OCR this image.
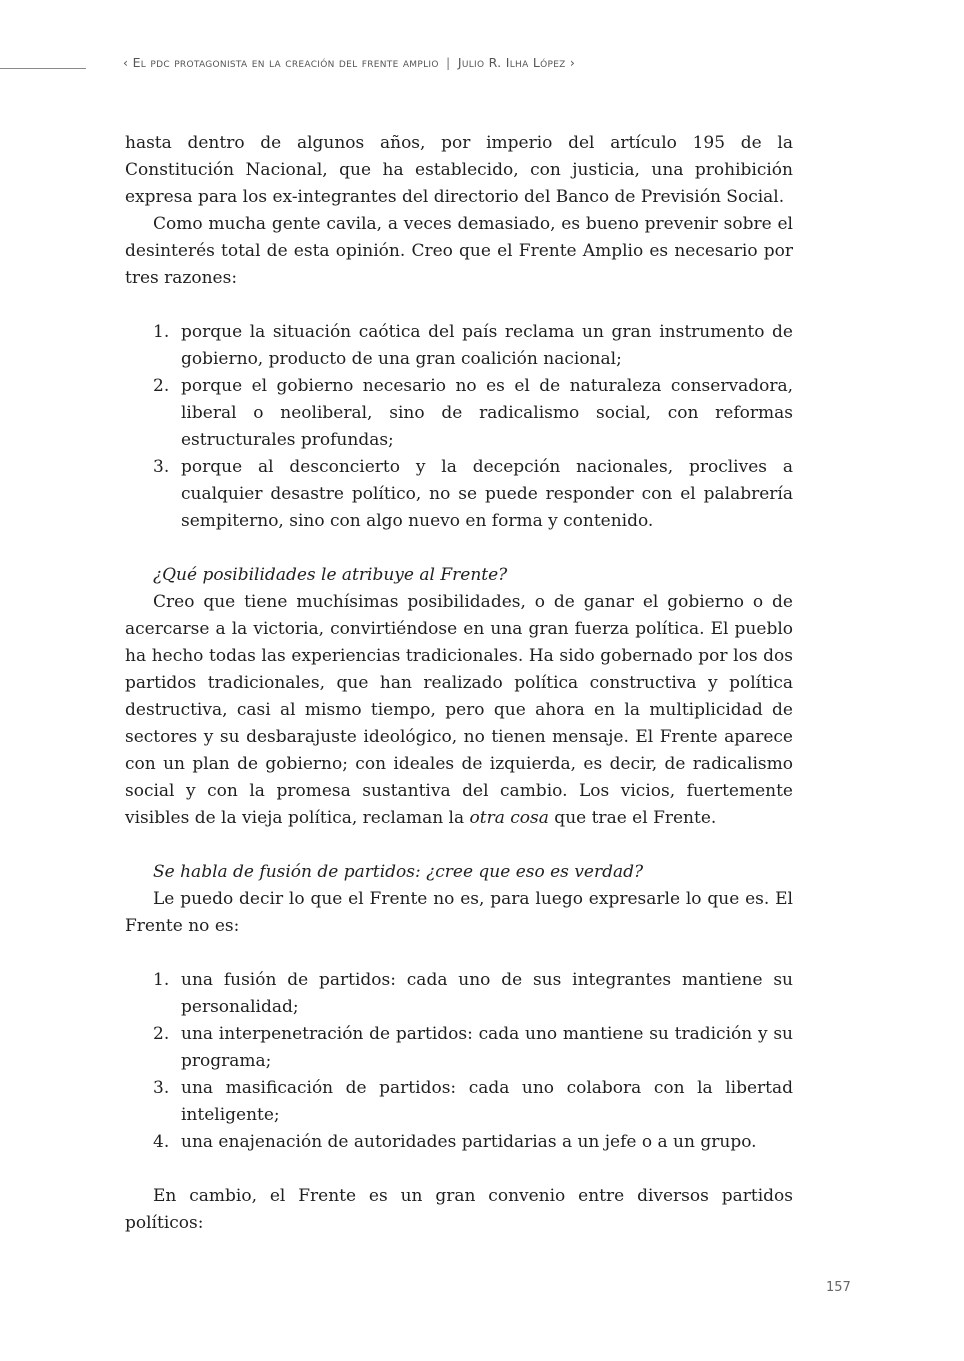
‹ El pdc protagonista en la creación del frente amplio | Julio R. Ilha López ›

hasta dentro de algunos años, por imperio del artículo 195 de la Constitución Nacional, que ha establecido, con justicia, una prohibición expresa para los ex-integrantes del directorio del Banco de Previsión Social.

Como mucha gente cavila, a veces demasiado, es bueno prevenir sobre el desinterés total de esta opinión. Creo que el Frente Amplio es necesario por tres razones:

1. porque la situación caótica del país reclama un gran instrumento de gobierno, producto de una gran coalición nacional;
2. porque el gobierno necesario no es el de naturaleza conservadora, liberal o neoliberal, sino de radicalismo social, con reformas estructurales profundas;
3. porque al desconcierto y la decepción nacionales, proclives a cualquier desastre político, no se puede responder con el palabrería sempiterno, sino con algo nuevo en forma y contenido.

¿Qué posibilidades le atribuye al Frente?

Creo que tiene muchísimas posibilidades, o de ganar el gobierno o de acercarse a la victoria, convirtiéndose en una gran fuerza política. El pueblo ha hecho todas las experiencias tradicionales. Ha sido gobernado por los dos partidos tradicionales, que han realizado política constructiva y política destructiva, casi al mismo tiempo, pero que ahora en la multiplicidad de sectores y su desbarajuste ideológico, no tienen mensaje. El Frente aparece con un plan de gobierno; con ideales de izquierda, es decir, de radicalismo social y con la promesa sustantiva del cambio. Los vicios, fuertemente visibles de la vieja política, reclaman la otra cosa que trae el Frente.

Se habla de fusión de partidos: ¿cree que eso es verdad?

Le puedo decir lo que el Frente no es, para luego expresarle lo que es. El Frente no es:

1. una fusión de partidos: cada uno de sus integrantes mantiene su personalidad;
2. una interpenetración de partidos: cada uno mantiene su tradición y su programa;
3. una masificación de partidos: cada uno colabora con la libertad inteligente;
4. una enajenación de autoridades partidarias a un jefe o a un grupo.

En cambio, el Frente es un gran convenio entre diversos partidos políticos:

157
